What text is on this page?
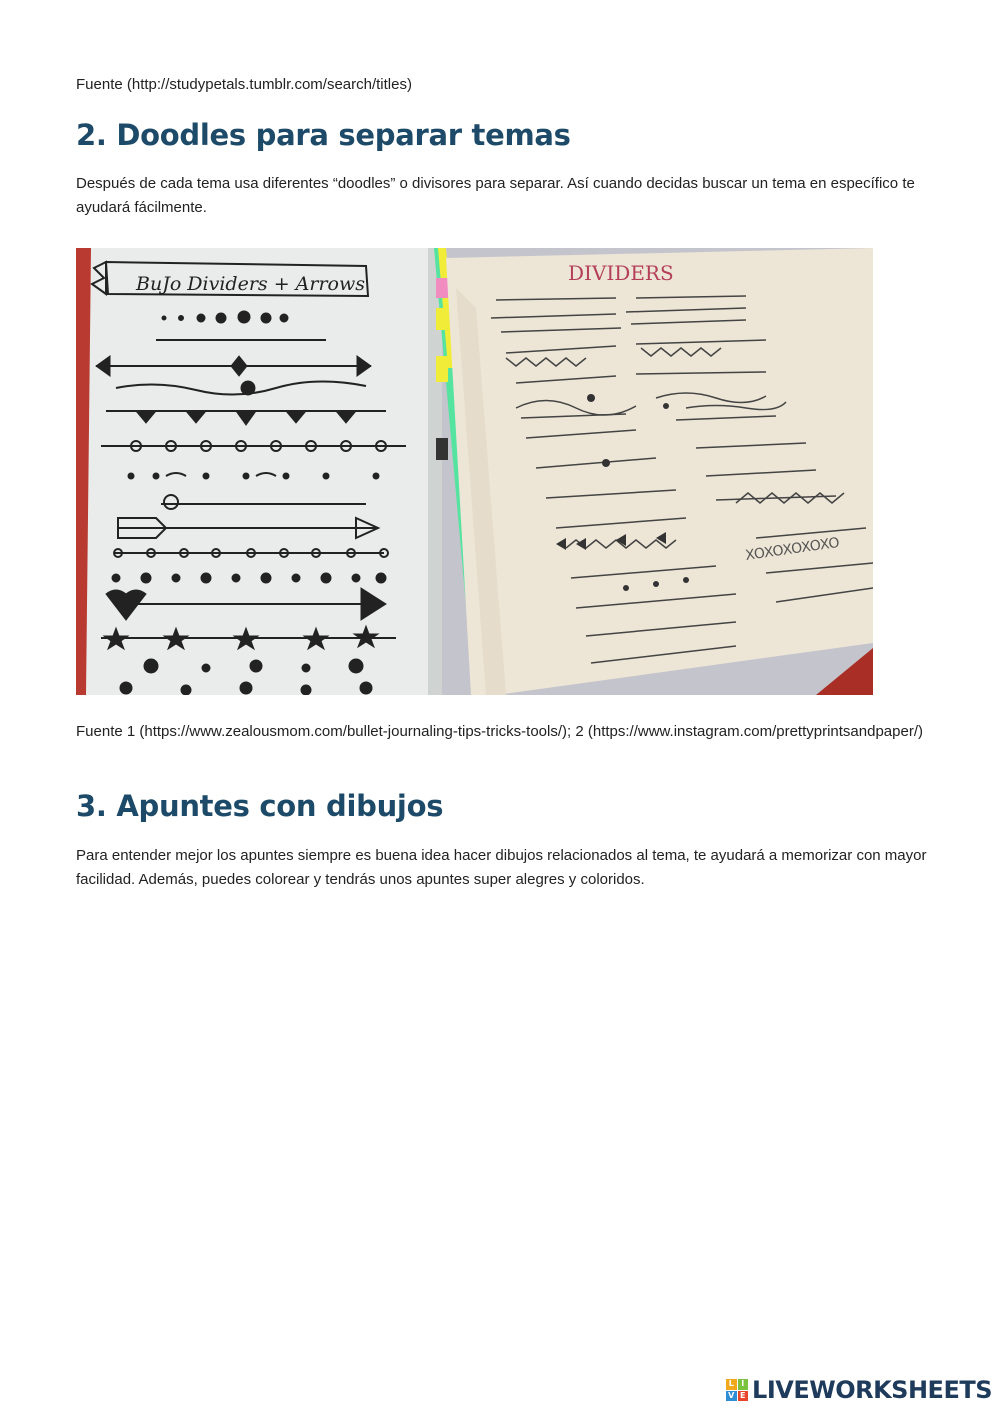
Fuente (http://studypetals.tumblr.com/search/titles)
2. Doodles para separar temas
Después de cada tema usa diferentes “doodles” o divisores para separar. Así cuando decidas buscar un tema en específico te ayudará fácilmente.
BuJo Dividers + Arrows	DIVIDERS
XOXOXOXOXO
Fuente 1 (https://www.zealousmom.com/bullet-journaling-tips-tricks-tools/); 2 (https://www.instagram.com/prettyprintsandpaper/)
3. Apuntes con dibujos
Para entender mejor los apuntes siempre es buena idea hacer dibujos relacionados al tema, te ayudará a memorizar con mayor facilidad. Además, puedes colorear y tendrás unos apuntes super alegres y coloridos.
L I
V E LIVEWORKSHEETS
